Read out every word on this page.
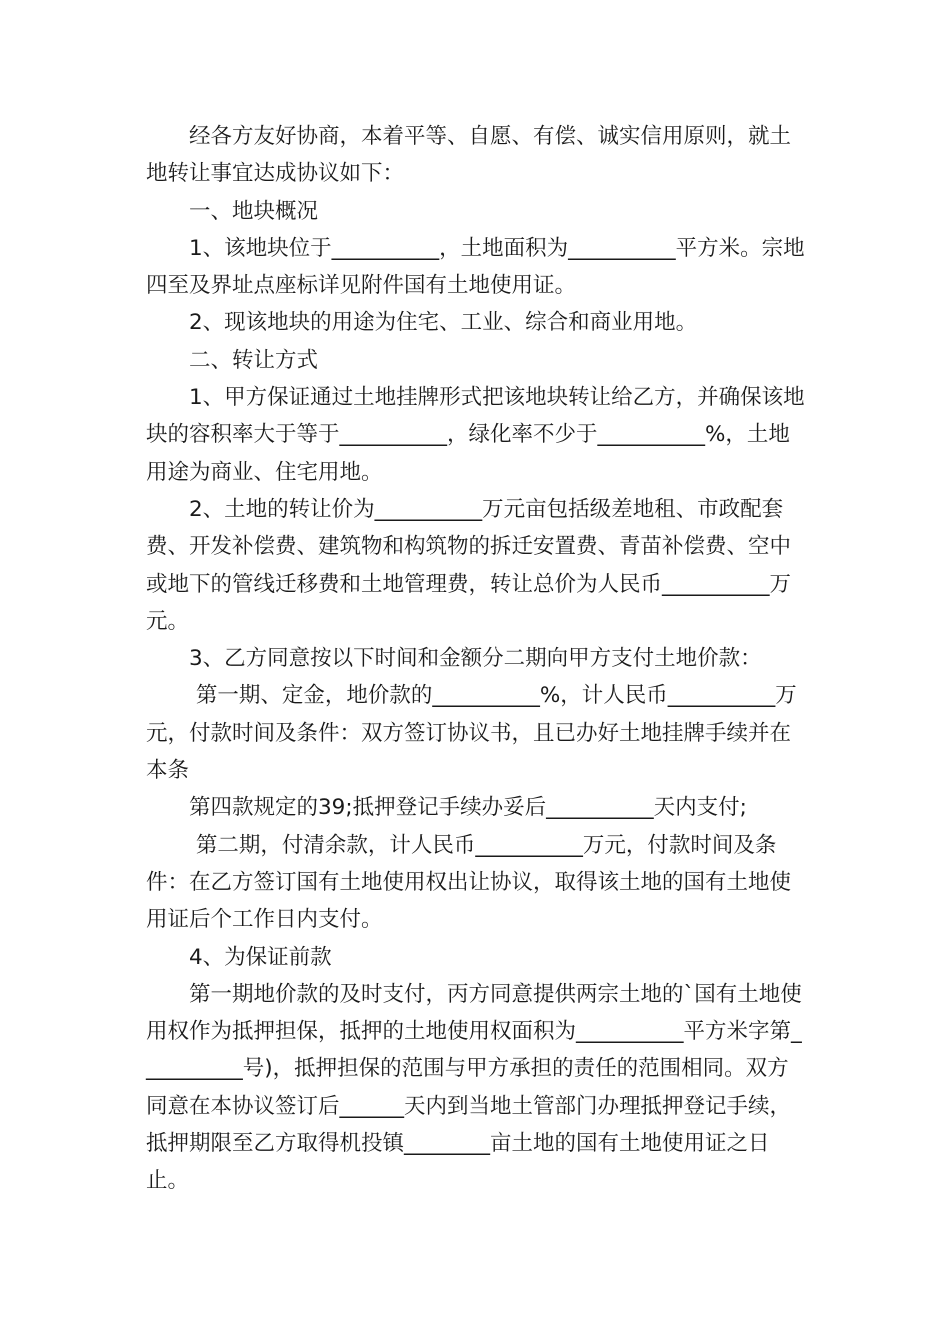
经各方友好协商，本着平等、自愿、有偿、诚实信用原则，就土地转让事宜达成协议如下：

一、地块概况

1、该地块位于__________，土地面积为__________平方米。宗地四至及界址点座标详见附件国有土地使用证。

2、现该地块的用途为住宅、工业、综合和商业用地。

二、转让方式

1、甲方保证通过土地挂牌形式把该地块转让给乙方，并确保该地块的容积率大于等于__________，绿化率不少于__________%，土地用途为商业、住宅用地。

2、土地的转让价为__________万元亩包括级差地租、市政配套费、开发补偿费、建筑物和构筑物的拆迁安置费、青苗补偿费、空中或地下的管线迁移费和土地管理费，转让总价为人民币__________万元。

3、乙方同意按以下时间和金额分二期向甲方支付土地价款：

第一期、定金，地价款的__________%，计人民币__________万元，付款时间及条件：双方签订协议书，且已办好土地挂牌手续并在本条

第四款规定的39;抵押登记手续办妥后__________天内支付;

第二期，付清余款，计人民币__________万元，付款时间及条件：在乙方签订国有土地使用权出让协议，取得该土地的国有土地使用证后个工作日内支付。

4、为保证前款

第一期地价款的及时支付，丙方同意提供两宗土地的`国有土地使用权作为抵押担保，抵押的土地使用权面积为__________平方米字第__________号)，抵押担保的范围与甲方承担的责任的范围相同。双方同意在本协议签订后______天内到当地土管部门办理抵押登记手续，抵押期限至乙方取得机投镇________亩土地的国有土地使用证之日止。
